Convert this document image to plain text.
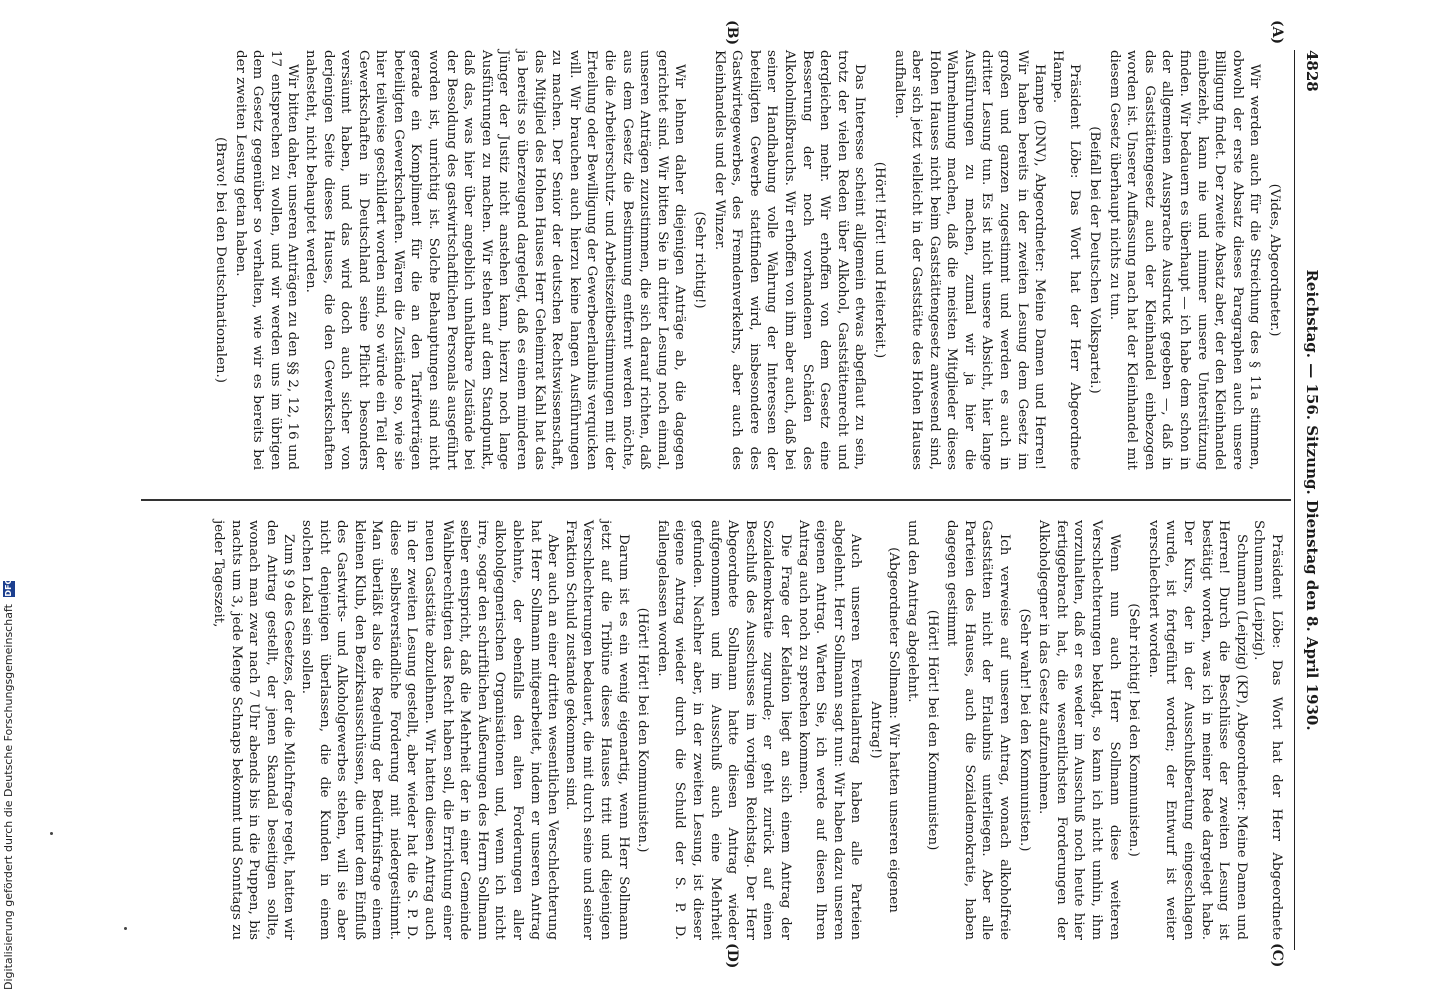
4828
Reichstag. — 156. Sitzung. Dienstag den 8. April 1930.
(A)
(B)
(C)
(D)

(Vides, Abgeordneter.)

Wir werden auch für die Streichung des § 11a stimmen, obwohl der erste Absatz dieses Paragraphen auch unsere Billigung findet. Der zweite Absatz aber, der den Kleinhandel einbezieht, kann nie und nimmer unsere Unterstützung finden. Wir bedauern es überhaupt — ich habe dem schon in der allgemeinen Aussprache Ausdruck gegeben —, daß in das Gaststättengesetz auch der Kleinhandel einbezogen worden ist. Unserer Auffassung nach hat der Kleinhandel mit diesem Gesetz überhaupt nichts zu tun.

(Beifall bei der Deutschen Volkspartei.)

Präsident Löbe: Das Wort hat der Herr Abgeordnete Hampe.

Hampe (DNV), Abgeordneter: Meine Damen und Herren! Wir haben bereits in der zweiten Lesung dem Gesetz im großen und ganzen zugestimmt und werden es auch in dritter Lesung tun. Es ist nicht unsere Absicht, hier lange Ausführungen zu machen, zumal wir ja hier die Wahrnehmung machen, daß die meisten Mitglieder dieses Hohen Hauses nicht beim Gaststättengesetz anwesend sind, aber sich jetzt vielleicht in der Gaststätte des Hohen Hauses aufhalten.

(Hört! Hört! und Heiterkeit.)

Das Interesse scheint allgemein etwas abgeflaut zu sein, trotz der vielen Reden über Alkohol, Gaststättenrecht und dergleichen mehr. Wir erhoffen von dem Gesetz eine Besserung der noch vorhandenen Schäden des Alkoholmißbrauchs. Wir erhoffen von ihm aber auch, daß bei seiner Handhabung volle Wahrung der Interessen der beteiligten Gewerbe stattfinden wird, insbesondere des Gastwirtegewerbes, des Fremdenverkehrs, aber auch des Kleinhandels und der Winzer.

(Sehr richtig!)

Wir lehnen daher diejenigen Anträge ab, die dagegen gerichtet sind. Wir bitten Sie in dritter Lesung noch einmal, unseren Anträgen zuzustimmen, die sich darauf richten, daß aus dem Gesetz die Bestimmung entfernt werden möchte, die die Arbeiterschutz- und Arbeitszeitbestimmungen mit der Erteilung oder Bewilligung der Gewerbeerlaubnis verquicken will. Wir brauchen auch hierzu keine langen Ausführungen zu machen. Der Senior der deutschen Rechtswissenschaft, das Mitglied des Hohen Hauses Herr Geheimrat Kahl hat das ja bereits so überzeugend dargelegt, daß es einem minderen Jünger der Justiz nicht anstehen kann, hierzu noch lange Ausführungen zu machen. Wir stehen auf dem Standpunkt, daß das, was hier über angeblich unhaltbare Zustände bei der Besoldung des gastwirtschaftlichen Personals ausgeführt worden ist, unrichtig ist. Solche Behauptungen sind nicht gerade ein Kompliment für die an den Tarifverträgen beteiligten Gewerkschaften. Wären die Zustände so, wie sie hier teilweise geschildert worden sind, so würde ein Teil der Gewerkschaften in Deutschland seine Pflicht besonders versäumt haben, und das wird doch auch sicher von derjenigen Seite dieses Hauses, die den Gewerkschaften nahesteht, nicht behauptet werden.

Wir bitten daher, unseren Anträgen zu den §§ 2, 12, 16 und 17 entsprechen zu wollen, und wir werden uns im übrigen dem Gesetz gegenüber so verhalten, wie wir es bereits bei der zweiten Lesung getan haben.

(Bravo! bei den Deutschnationalen.)

Präsident Löbe: Das Wort hat der Herr Abgeordnete Schumann (Leipzig).

Schumann (Leipzig) (KP), Abgeordneter: Meine Damen und Herren! Durch die Beschlüsse der zweiten Lesung ist bestätigt worden, was ich in meiner Rede dargelegt habe. Der Kurs, der in der Ausschußberatung eingeschlagen wurde, ist fortgeführt worden; der Entwurf ist weiter verschlechtert worden.

(Sehr richtig! bei den Kommunisten.)

Wenn nun auch Herr Sollmann diese weiteren Verschlechterungen beklagt, so kann ich nicht umhin, ihm vorzuhalten, daß er es weder im Ausschuß noch heute hier fertiggebracht hat, die wesentlichsten Forderungen der Alkoholgegner in das Gesetz aufzunehmen.

(Sehr wahr! bei den Kommunisten.)

Ich verweise auf unseren Antrag, wonach alkoholfreie Gaststätten nicht der Erlaubnis unterliegen. Aber alle Parteien des Hauses, auch die Sozialdemokratie, haben dagegen gestimmt

(Hört! Hört! bei den Kommunisten)

und den Antrag abgelehnt.

(Abgeordneter Sollmann: Wir hatten unseren eigenen Antrag!)

Auch unseren Eventualantrag haben alle Parteien abgelehnt. Herr Sollmann sagt nun: Wir haben dazu unseren eigenen Antrag. Warten Sie, ich werde auf diesen Ihren Antrag auch noch zu sprechen kommen.

Die Frage der Kelation liegt an sich einem Antrag der Sozialdemokratie zugrunde; er geht zurück auf einen Beschluß des Ausschusses im vorigen Reichstag. Der Herr Abgeordnete Sollmann hatte diesen Antrag wieder aufgenommen und im Ausschuß auch eine Mehrheit gefunden. Nachher aber, in der zweiten Lesung, ist dieser eigene Antrag wieder durch die Schuld der S. P. D. fallengelassen worden.

(Hört! Hört! bei den Kommunisten.)

Darum ist es ein wenig eigenartig, wenn Herr Sollmann jetzt auf die Tribüne dieses Hauses tritt und diejenigen Verschlechterungen bedauert, die mit durch seine und seiner Fraktion Schuld zustande gekommen sind.

Aber auch an einer dritten wesentlichen Verschlechterung hat Herr Sollmann mitgearbeitet, indem er unseren Antrag ablehnte, der ebenfalls den alten Forderungen aller alkoholgegnerischen Organisationen und, wenn ich nicht irre, sogar den schriftlichen Äußerungen des Herrn Sollmann selber entspricht, daß die Mehrheit der in einer Gemeinde Wahlberechtigten das Recht haben soll, die Errichtung einer neuen Gaststätte abzulehnen. Wir hatten diesen Antrag auch in der zweiten Lesung gestellt, aber wieder hat die S. P. D. diese selbstverständliche Forderung mit niedergestimmt. Man überläßt also die Regelung der Bedürfnisfrage einem kleinen Klub, den Bezirksausschüssen, die unter dem Einfluß des Gastwirts- und Alkoholgewerbes stehen, will sie aber nicht denjenigen überlassen, die die Kunden in einem solchen Lokal sein sollen.

Zum § 9 des Gesetzes, der die Milchfrage regelt, hatten wir den Antrag gestellt, der jenen Skandal beseitigen sollte, wonach man zwar nach 7 Uhr abends bis in die Puppen, bis nachts um 3, jede Menge Schnaps bekommt und Sonntags zu jeder Tageszeit,

Digitalisierung gefördert durch die Deutsche Forschungsgemeinschaft DFG
